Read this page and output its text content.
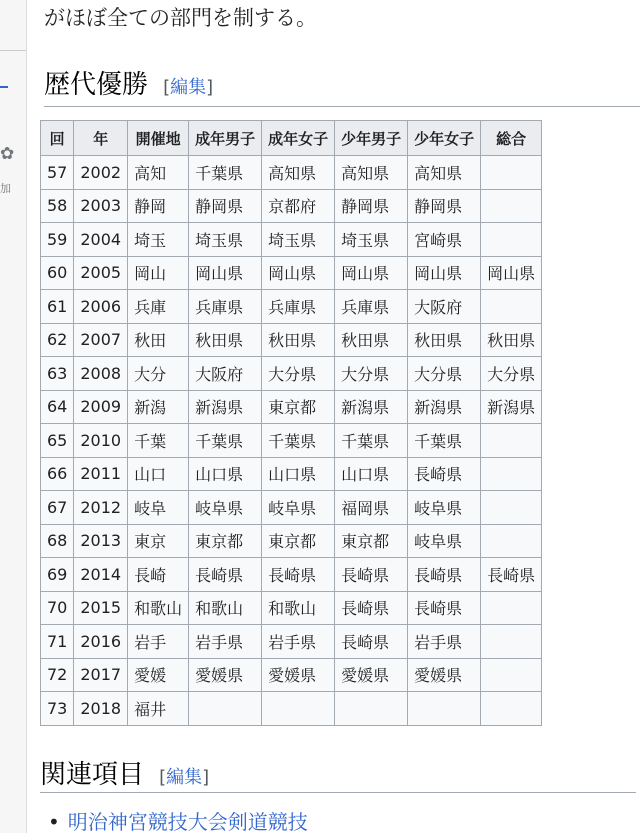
✿
加
がほぼ全ての部門を制する。
歴代優勝 [編集]
回	年	開催地	成年男子	成年女子	少年男子	少年女子	総合
57	2002	高知	千葉県	高知県	高知県	高知県	
58	2003	静岡	静岡県	京都府	静岡県	静岡県	
59	2004	埼玉	埼玉県	埼玉県	埼玉県	宮崎県	
60	2005	岡山	岡山県	岡山県	岡山県	岡山県	岡山県
61	2006	兵庫	兵庫県	兵庫県	兵庫県	大阪府	
62	2007	秋田	秋田県	秋田県	秋田県	秋田県	秋田県
63	2008	大分	大阪府	大分県	大分県	大分県	大分県
64	2009	新潟	新潟県	東京都	新潟県	新潟県	新潟県
65	2010	千葉	千葉県	千葉県	千葉県	千葉県	
66	2011	山口	山口県	山口県	山口県	長崎県	
67	2012	岐阜	岐阜県	岐阜県	福岡県	岐阜県	
68	2013	東京	東京都	東京都	東京都	岐阜県	
69	2014	長崎	長崎県	長崎県	長崎県	長崎県	長崎県
70	2015	和歌山	和歌山	和歌山	長崎県	長崎県	
71	2016	岩手	岩手県	岩手県	長崎県	岩手県	
72	2017	愛媛	愛媛県	愛媛県	愛媛県	愛媛県	
73	2018	福井					
関連項目 [編集]
• 明治神宮競技大会剣道競技
